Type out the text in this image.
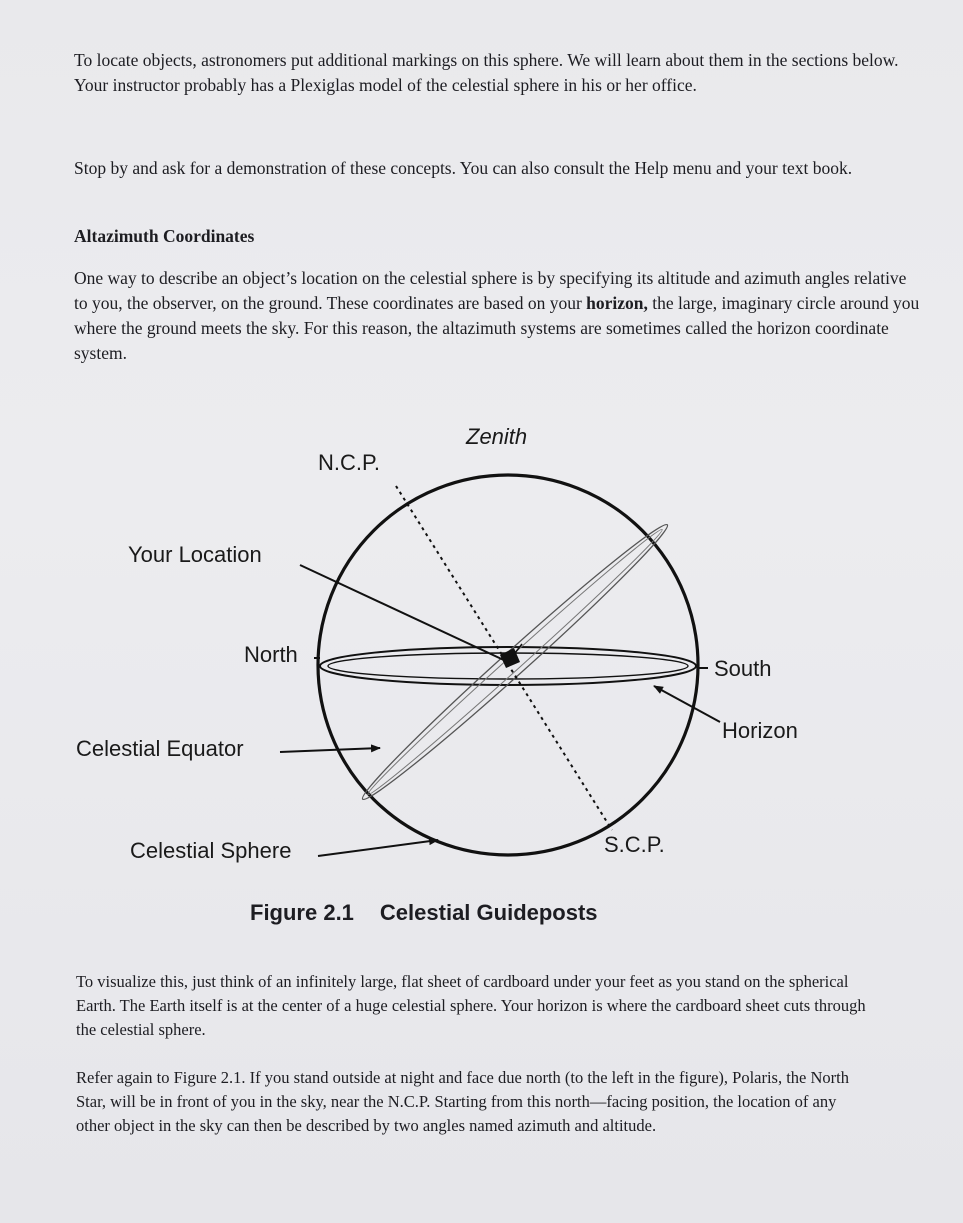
To locate objects, astronomers put additional markings on this sphere. We will learn about them in the sections below. Your instructor probably has a Plexiglas model of the celestial sphere in his or her office.

Stop by and ask for a demonstration of these concepts. You can also consult the Help menu and your text book.

Altazimuth Coordinates

One way to describe an object’s location on the celestial sphere is by specifying its altitude and azimuth angles relative to you, the observer, on the ground. These coordinates are based on your horizon, the large, imaginary circle around you where the ground meets the sky. For this reason, the altazimuth systems are sometimes called the horizon coordinate system.

Zenith
N.C.P.
Your Location
North
South
Horizon
Celestial Equator
Celestial Sphere	S.C.P.
Figure 2.1 Celestial Guideposts

To visualize this, just think of an infinitely large, flat sheet of cardboard under your feet as you stand on the spherical Earth. The Earth itself is at the center of a huge celestial sphere. Your horizon is where the cardboard sheet cuts through the celestial sphere.

Refer again to Figure 2.1. If you stand outside at night and face due north (to the left in the figure), Polaris, the North Star, will be in front of you in the sky, near the N.C.P. Starting from this north—facing position, the location of any other object in the sky can then be described by two angles named azimuth and altitude.
